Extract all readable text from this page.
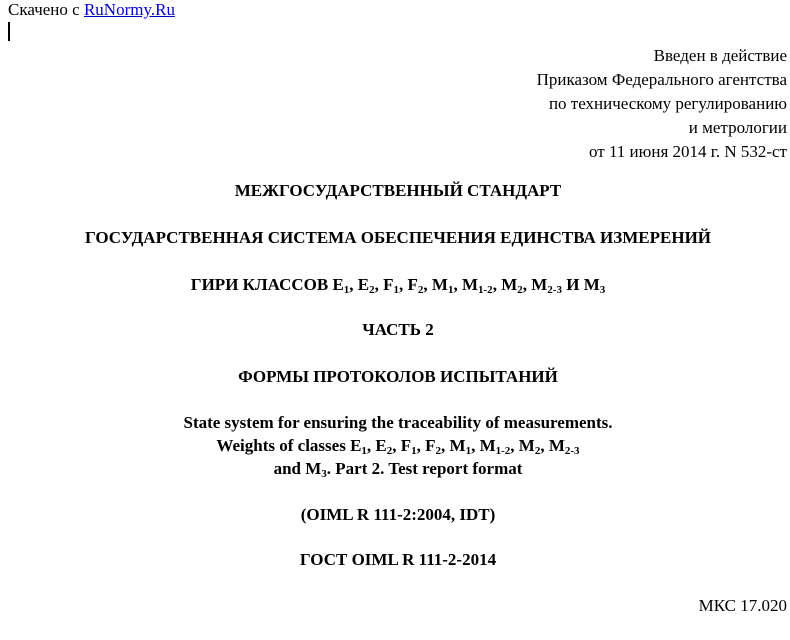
Скачено с RuNormy.Ru
Введен в действие
Приказом Федерального агентства
по техническому регулированию
и метрологии
от 11 июня 2014 г. N 532-ст
МЕЖГОСУДАРСТВЕННЫЙ СТАНДАРТ
ГОСУДАРСТВЕННАЯ СИСТЕМА ОБЕСПЕЧЕНИЯ ЕДИНСТВА ИЗМЕРЕНИЙ
ГИРИ КЛАССОВ $E_1$, $E_2$, $F_1$, $F_2$, $M_1$, $M_{1-2}$, $M_2$, $M_{2-3}$ И $M_3$
ЧАСТЬ 2
ФОРМЫ ПРОТОКОЛОВ ИСПЫТАНИЙ
State system for ensuring the traceability of measurements.
Weights of classes $E_1$, $E_2$, $F_1$, $F_2$, $M_1$, $M_{1-2}$, $M_2$, $M_{2-3}$
and $M_3$. Part 2. Test report format
(OIML R 111-2:2004, IDT)
ГОСТ OIML R 111-2-2014
МКС 17.020
